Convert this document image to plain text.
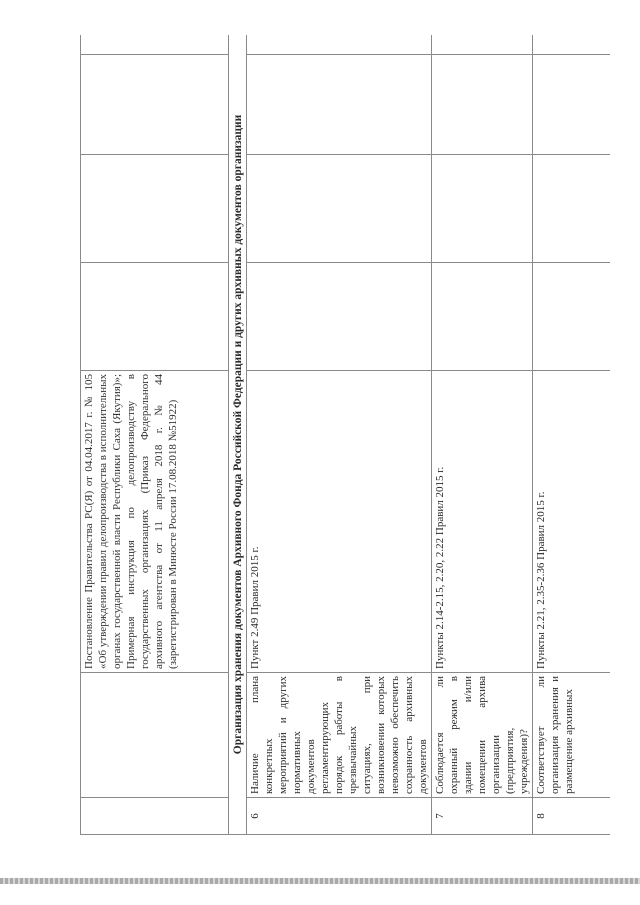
		Постановление Правительства РС(Я) от 04.04.2017 г. № 105 «Об утверждении правил делопроизводства в исполнительных органах государственной власти Республики Саха (Якутия)»; Примерная инструкция по делопроизводству в государственных организациях (Приказ Федерального архивного агентства от 11 апреля 2018 г. № 44 (зарегистрирован в Минюсте России 17.08.2018 №51922)				
Организация хранения документов Архивного Фонда Российской Федерации и других архивных документов организации						
6	Наличие плана конкретных мероприятий и других нормативных документов регламентирующих порядок работы в чрезвычайных ситуациях, при возникновении которых невозможно обеспечить сохранность архивных документов	Пункт 2.49 Правил 2015 г.				
7	Соблюдается ли охранный режим в здании и/или помещении архива организации (предприятия, учреждения)?	Пункты 2.14-2.15, 2.20, 2.22 Правил 2015 г.				
8	Соответствует ли организация хранения и размещение архивных	Пункты 2.21, 2.35-2.36 Правил 2015 г.				
